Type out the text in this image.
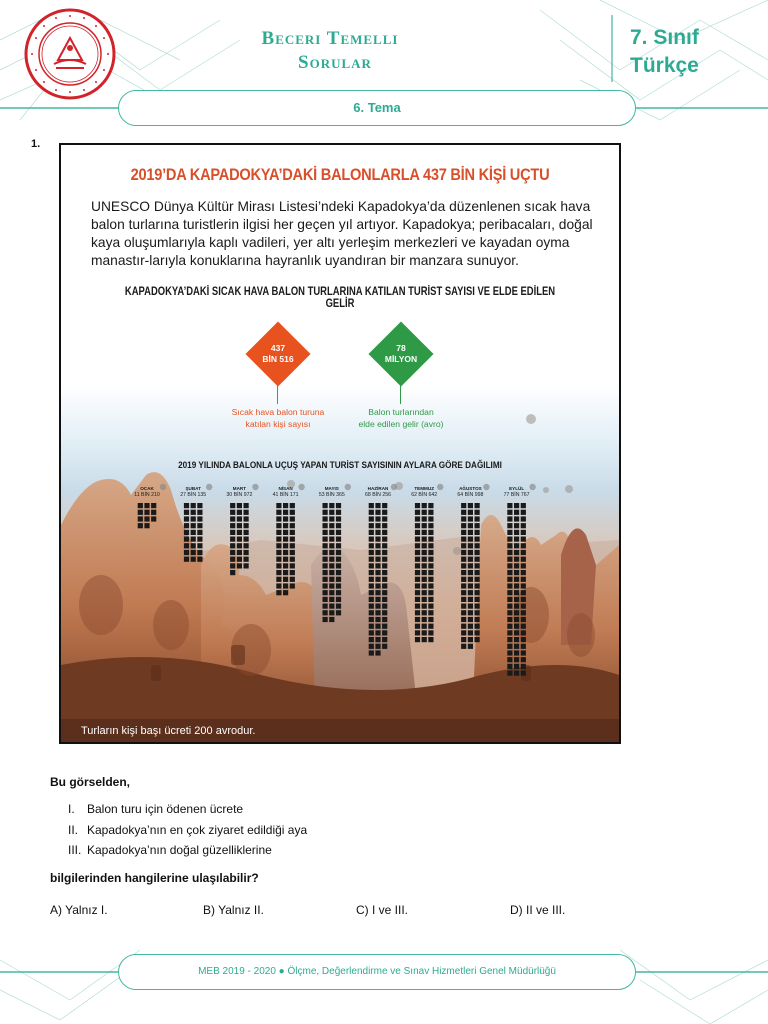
Beceri Temelli
Sorular
7. Sınıf
Türkçe
6. Tema
1.
2019’DA KAPADOKYA’DAKİ BALONLARLA 437 BİN KİŞİ UÇTU
UNESCO Dünya Kültür Mirası Listesi’ndeki Kapadokya’da düzenlenen sıcak hava balon turlarına turistlerin ilgisi her geçen yıl artıyor. Kapadokya; peribacaları, doğal kaya oluşumlarıyla kaplı vadileri, yer altı yerleşim merkezleri ve kayadan oyma manastır-larıyla konuklarına hayranlık uyandıran bir manzara sunuyor.
KAPADOKYA’DAKİ SICAK HAVA BALON TURLARINA KATILAN TURİST SAYISI VE ELDE EDİLEN GELİR
437
BİN 516
Sıcak hava balon turuna
katılan kişi sayısı
78
MİLYON
Balon turlarından
elde edilen gelir (avro)
2019 YILINDA BALONLA UÇUŞ YAPAN TURİST SAYISININ AYLARA GÖRE DAĞILIMI
OCAK
11 BİN 210
ŞUBAT
27 BİN 135
MART
30 BİN 972
NİSAN
41 BİN 171
MAYIS
53 BİN 365
HAZİRAN
68 BİN 256
TEMMUZ
62 BİN 642
AĞUSTOS
64 BİN 998
EYLÜL
77 BİN 767
Turların kişi başı ücreti 200 avrodur.
Bu görselden,
I. Balon turu için ödenen ücrete
II. Kapadokya’nın en çok ziyaret edildiği aya
III. Kapadokya’nın doğal güzelliklerine
bilgilerinden hangilerine ulaşılabilir?
A) Yalnız I.	B) Yalnız II.	C) I ve III.	D) II ve III.
MEB 2019 - 2020 ● Ölçme, Değerlendirme ve Sınav Hizmetleri Genel Müdürlüğü
